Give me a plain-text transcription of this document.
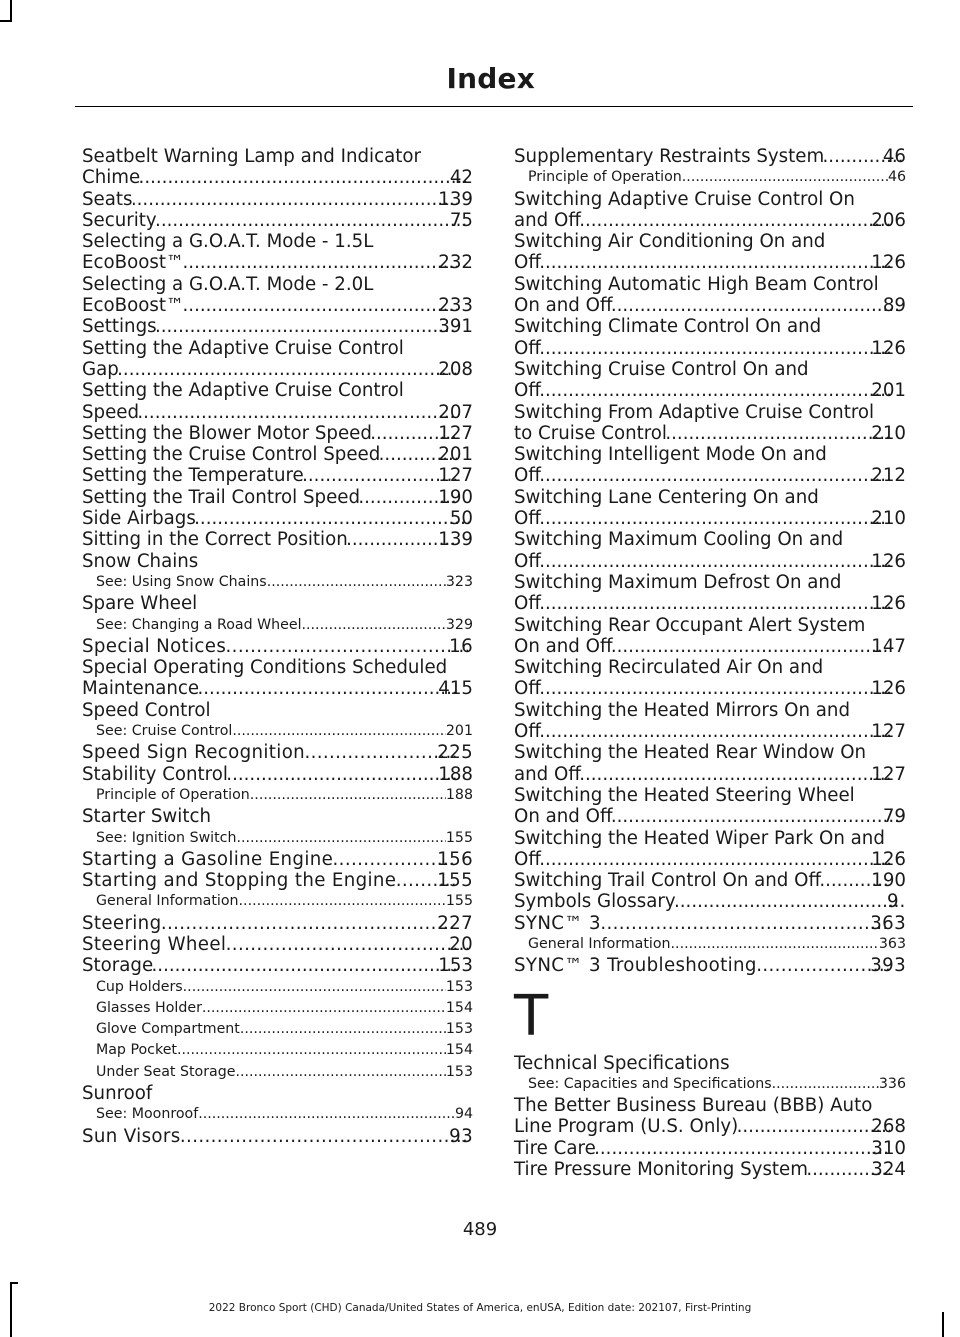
Index
Seatbelt Warning Lamp and Indicator
Chime .....	42
Seats .....	139
Security .....	75
Selecting a G.O.A.T. Mode - 1.5L
EcoBoost™ .....	232
Selecting a G.O.A.T. Mode - 2.0L
EcoBoost™ .....	233
Settings .....	391
Setting the Adaptive Cruise Control
Gap .....	208
Setting the Adaptive Cruise Control
Speed .....	207
Setting the Blower Motor Speed .....	127
Setting the Cruise Control Speed .....	201
Setting the Temperature .....	127
Setting the Trail Control Speed .....	190
Side Airbags .....	50
Sitting in the Correct Position .....	139
Snow Chains
See: Using Snow Chains .....	323
Spare Wheel
See: Changing a Road Wheel .....	329
Special Notices .....	16
Special Operating Conditions Scheduled
Maintenance .....	415
Speed Control
See: Cruise Control .....	201
Speed Sign Recognition .....	225
Stability Control .....	188
Principle of Operation .....	188
Starter Switch
See: Ignition Switch .....	155
Starting a Gasoline Engine .....	156
Starting and Stopping the Engine ..... 155
General Information .....	155
Steering .....	227
Steering Wheel .....	20
Storage .....	153
Cup Holders .....	153
Glasses Holder .....	154
Glove Compartment .....	153
Map Pocket .....	154
Under Seat Storage .....	153
Sunroof
See: Moonroof .....	94
Sun Visors .....	93
Supplementary Restraints System .....	46
Principle of Operation .....	46
Switching Adaptive Cruise Control On
and Off .....	206
Switching Air Conditioning On and
Off .....	126
Switching Automatic High Beam Control
On and Off .....	89
Switching Climate Control On and
Off .....	126
Switching Cruise Control On and
Off .....	201
Switching From Adaptive Cruise Control
to Cruise Control .....	210
Switching Intelligent Mode On and
Off .....	212
Switching Lane Centering On and
Off .....	210
Switching Maximum Cooling On and
Off .....	126
Switching Maximum Defrost On and
Off .....	126
Switching Rear Occupant Alert System
On and Off .....	147
Switching Recirculated Air On and
Off .....	126
Switching the Heated Mirrors On and
Off .....	127
Switching the Heated Rear Window On
and Off .....	127
Switching the Heated Steering Wheel
On and Off .....	79
Switching the Heated Wiper Park On and
Off .....	126
Switching Trail Control On and Off .....	190
Symbols Glossary .....	9
SYNC™ 3 .....	363
General Information .....	363
SYNC™ 3 Troubleshooting .....	393
T
Technical Specifications
See: Capacities and Specifications .....	336
The Better Business Bureau (BBB) Auto
Line Program (U.S. Only) .....	268
Tire Care .....	310
Tire Pressure Monitoring System .....	324
489
2022 Bronco Sport (CHD) Canada/United States of America, enUSA, Edition date: 202107, First-Printing
